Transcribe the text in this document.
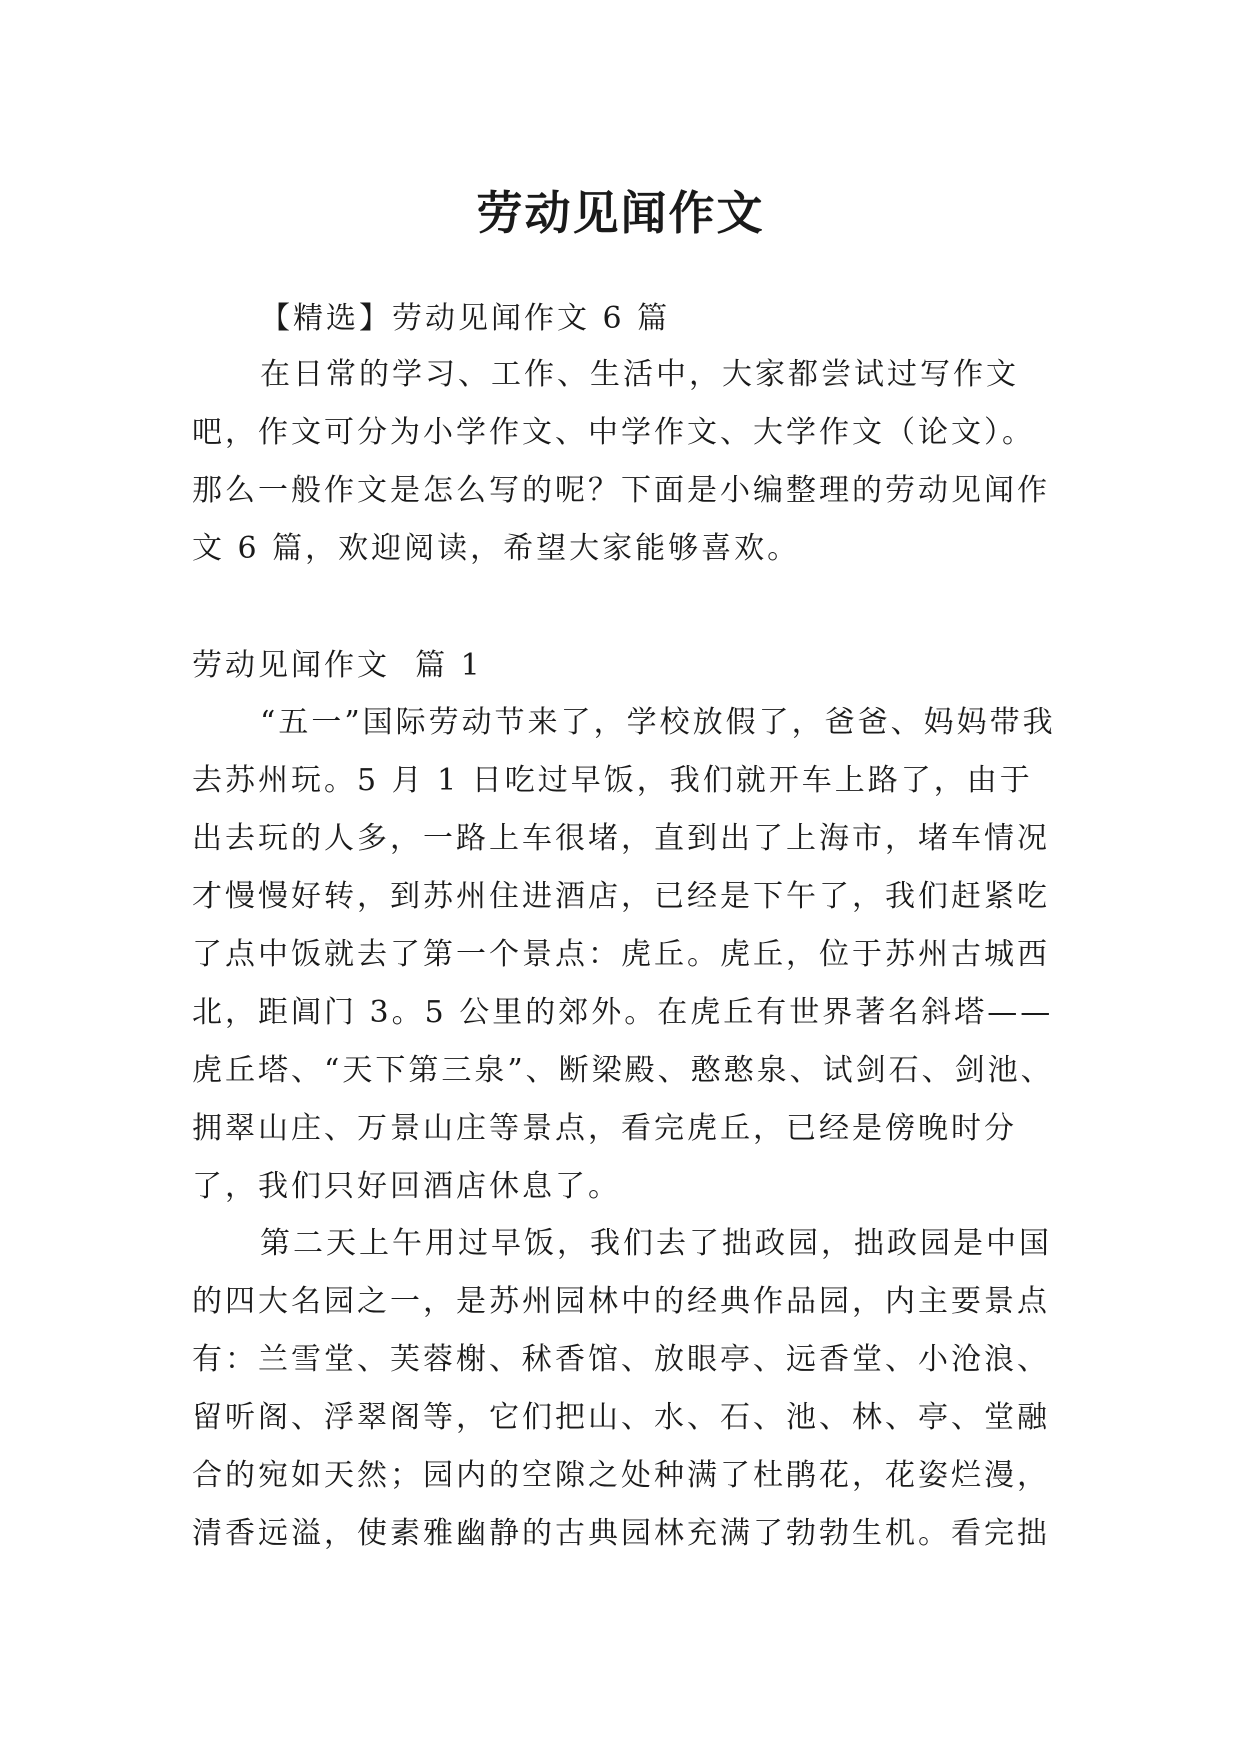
劳动见闻作文

【精选】劳动见闻作文 6 篇

在日常的学习、工作、生活中，大家都尝试过写作文吧，作文可分为小学作文、中学作文、大学作文（论文）。那么一般作文是怎么写的呢？下面是小编整理的劳动见闻作文 6 篇，欢迎阅读，希望大家能够喜欢。

劳动见闻作文  篇 1

“五一”国际劳动节来了，学校放假了，爸爸、妈妈带我去苏州玩。5 月 1 日吃过早饭，我们就开车上路了，由于出去玩的人多，一路上车很堵，直到出了上海市，堵车情况才慢慢好转，到苏州住进酒店，已经是下午了，我们赶紧吃了点中饭就去了第一个景点：虎丘。虎丘，位于苏州古城西北，距阊门 3。5 公里的郊外。在虎丘有世界著名斜塔——虎丘塔、“天下第三泉”、断梁殿、憨憨泉、试剑石、剑池、拥翠山庄、万景山庄等景点，看完虎丘，已经是傍晚时分了，我们只好回酒店休息了。

第二天上午用过早饭，我们去了拙政园，拙政园是中国的四大名园之一，是苏州园林中的经典作品园，内主要景点有：兰雪堂、芙蓉榭、秫香馆、放眼亭、远香堂、小沧浪、留听阁、浮翠阁等，它们把山、水、石、池、林、亭、堂融合的宛如天然；园内的空隙之处种满了杜鹃花，花姿烂漫，清香远溢，使素雅幽静的古典园林充满了勃勃生机。看完拙
